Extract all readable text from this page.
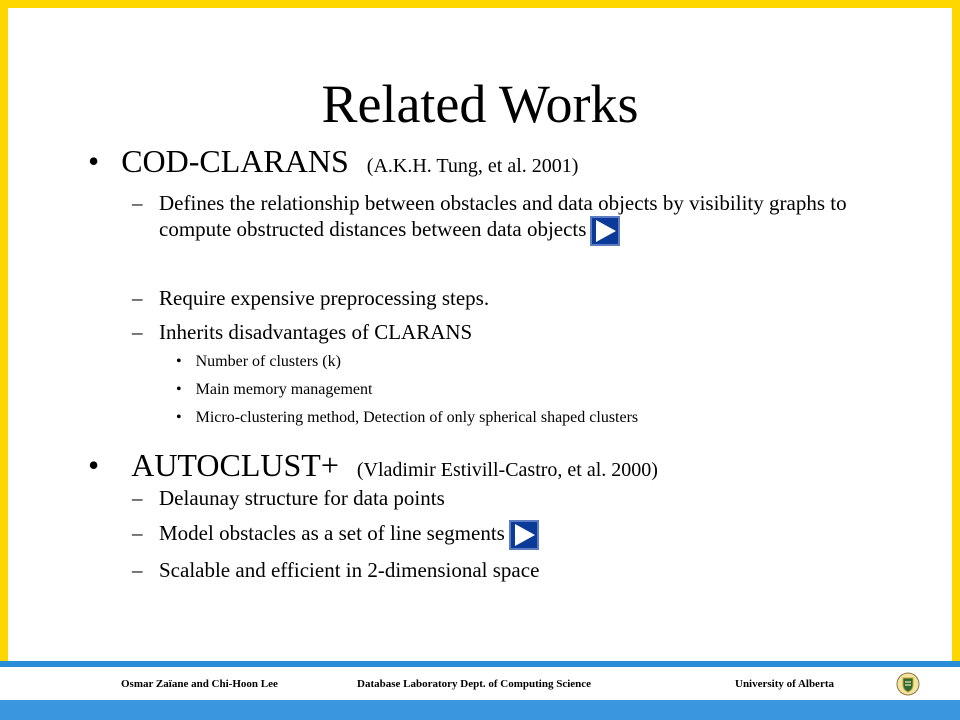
Related Works
• COD-CLARANS (A.K.H. Tung, et al. 2001)
– Defines the relationship between obstacles and data objects by visibility graphs to compute obstructed distances between data objects
– Require expensive preprocessing steps.
– Inherits disadvantages of CLARANS
• Number of clusters (k)
• Main memory management
• Micro-clustering method, Detection of only spherical shaped clusters
• AUTOCLUST+ (Vladimir Estivill-Castro, et al. 2000)
– Delaunay structure for data points
– Model obstacles as a set of line segments
– Scalable and efficient in 2-dimensional space
Osmar Zaïane and Chi-Hoon Lee	Database Laboratory Dept. of Computing Science	University of Alberta
